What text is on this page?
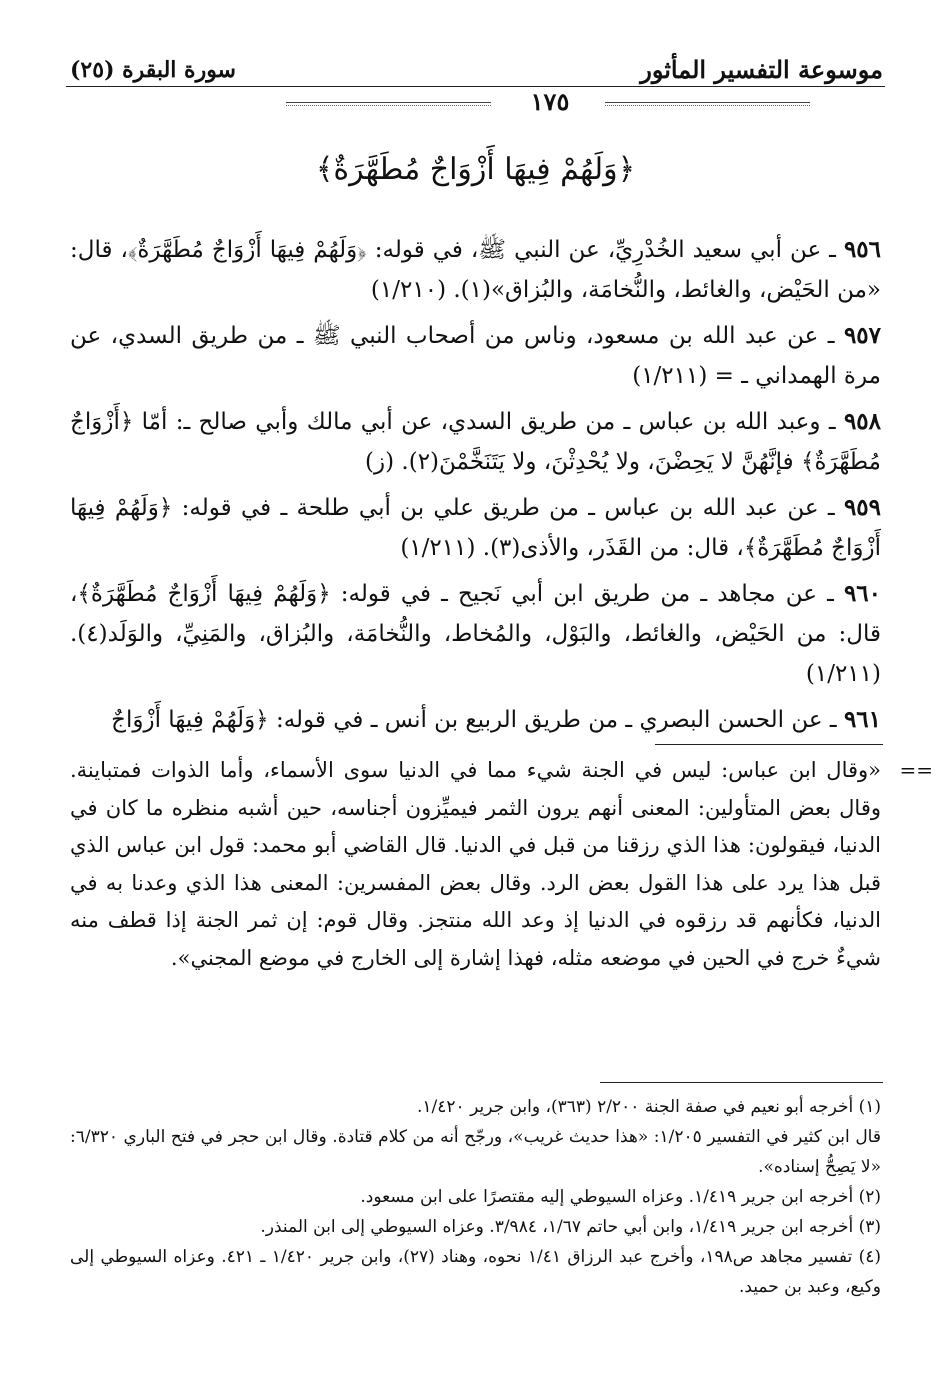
موسوعة التفسير المأثور
سورة البقرة (٢٥)
١٧٥
﴿وَلَهُمْ فِيهَا أَزْوَاجٌ مُطَهَّرَةٌ﴾

٩٥٦ ـ عن أبي سعيد الخُدْرِيِّ، عن النبي ﷺ، في قوله: ﴿وَلَهُمْ فِيهَا أَزْوَاجٌ مُطَهَّرَةٌ﴾، قال: «من الحَيْض، والغائط، والنُّخامَة، والبُزاق»(١). (١/٢١٠)

٩٥٧ ـ عن عبد الله بن مسعود، وناس من أصحاب النبي ﷺ ـ من طريق السدي، عن مرة الهمداني ـ = (١/٢١١)

٩٥٨ ـ وعبد الله بن عباس ـ من طريق السدي، عن أبي مالك وأبي صالح ـ: أمّا ﴿أَزْوَاجٌ مُطَهَّرَةٌ﴾ فإنَّهُنَّ لا يَحِضْنَ، ولا يُحْدِثْنَ، ولا يَتَنَخَّمْنَ(٢). (ز)

٩٥٩ ـ عن عبد الله بن عباس ـ من طريق علي بن أبي طلحة ـ في قوله: ﴿وَلَهُمْ فِيهَا أَزْوَاجٌ مُطَهَّرَةٌ﴾، قال: من القَذَر، والأذى(٣). (١/٢١١)

٩٦٠ ـ عن مجاهد ـ من طريق ابن أبي نَجيح ـ في قوله: ﴿وَلَهُمْ فِيهَا أَزْوَاجٌ مُطَهَّرَةٌ﴾، قال: من الحَيْض، والغائط، والبَوْل، والمُخاط، والنُّخامَة، والبُزاق، والمَنِيِّ، والوَلَد(٤). (١/٢١١)

٩٦١ ـ عن الحسن البصري ـ من طريق الربيع بن أنس ـ في قوله: ﴿وَلَهُمْ فِيهَا أَزْوَاجٌ

==
«وقال ابن عباس: ليس في الجنة شيء مما في الدنيا سوى الأسماء، وأما الذوات فمتباينة. وقال بعض المتأولين: المعنى أنهم يرون الثمر فيميِّزون أجناسه، حين أشبه منظره ما كان في الدنيا، فيقولون: هذا الذي رزقنا من قبل في الدنيا. قال القاضي أبو محمد: قول ابن عباس الذي قبل هذا يرد على هذا القول بعض الرد. وقال بعض المفسرين: المعنى هذا الذي وعدنا به في الدنيا، فكأنهم قد رزقوه في الدنيا إذ وعد الله منتجز. وقال قوم: إن ثمر الجنة إذا قطف منه شيءٌ خرج في الحين في موضعه مثله، فهذا إشارة إلى الخارج في موضع المجني».

(١) أخرجه أبو نعيم في صفة الجنة ٢/٢٠٠ (٣٦٣)، وابن جرير ١/٤٢٠.

قال ابن كثير في التفسير ١/٢٠٥: «هذا حديث غريب»، ورجّح أنه من كلام قتادة. وقال ابن حجر في فتح الباري ٦/٣٢٠: «لا يَصِحُّ إسناده».

(٢) أخرجه ابن جرير ١/٤١٩. وعزاه السيوطي إليه مقتصرًا على ابن مسعود.

(٣) أخرجه ابن جرير ١/٤١٩، وابن أبي حاتم ١/٦٧، ٣/٩٨٤. وعزاه السيوطي إلى ابن المنذر.

(٤) تفسير مجاهد ص١٩٨، وأخرج عبد الرزاق ١/٤١ نحوه، وهناد (٢٧)، وابن جرير ١/٤٢٠ ـ ٤٢١. وعزاه السيوطي إلى وكيع، وعبد بن حميد.
